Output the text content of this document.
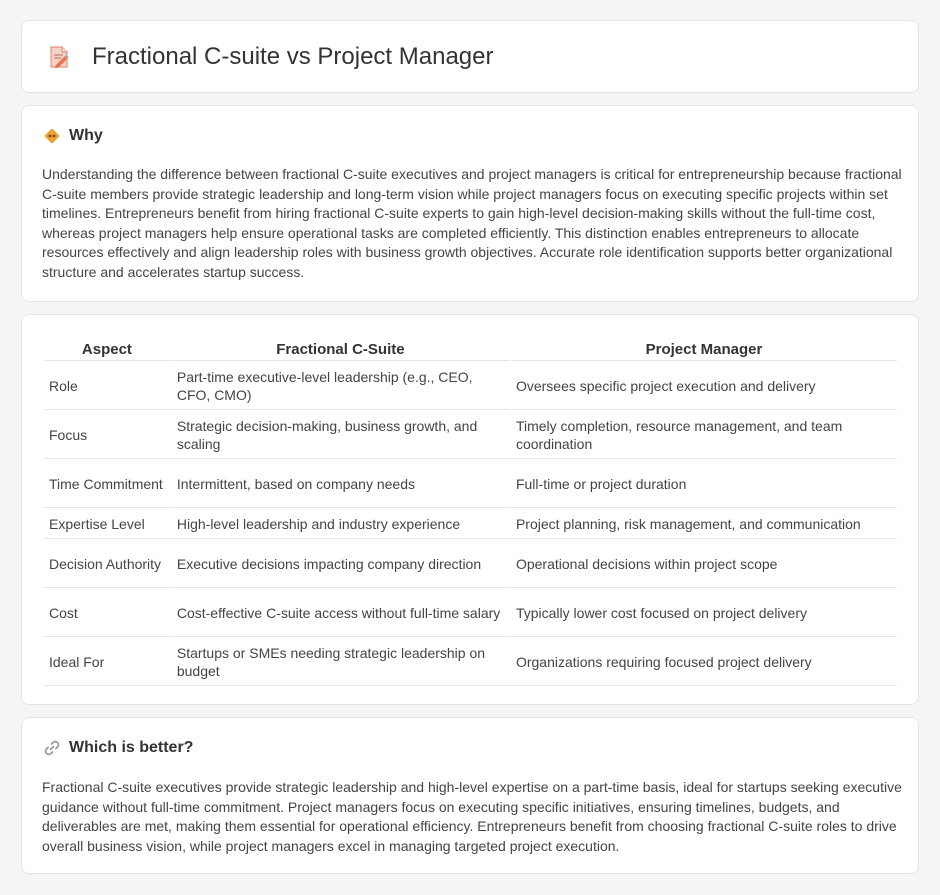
Fractional C-suite vs Project Manager
Why

Understanding the difference between fractional C-suite executives and project managers is critical for entrepreneurship because fractional C-suite members provide strategic leadership and long-term vision while project managers focus on executing specific projects within set timelines. Entrepreneurs benefit from hiring fractional C-suite experts to gain high-level decision-making skills without the full-time cost, whereas project managers help ensure operational tasks are completed efficiently. This distinction enables entrepreneurs to allocate resources effectively and align leadership roles with business growth objectives. Accurate role identification supports better organizational structure and accelerates startup success.

Aspect	Fractional C-Suite	Project Manager
Role	Part-time executive-level leadership (e.g., CEO, CFO, CMO)	Oversees specific project execution and delivery
Focus	Strategic decision-making, business growth, and scaling	Timely completion, resource management, and team coordination
Time Commitment	Intermittent, based on company needs	Full-time or project duration
Expertise Level	High-level leadership and industry experience	Project planning, risk management, and communication
Decision Authority	Executive decisions impacting company direction	Operational decisions within project scope
Cost	Cost-effective C-suite access without full-time salary	Typically lower cost focused on project delivery
Ideal For	Startups or SMEs needing strategic leadership on budget	Organizations requiring focused project delivery
Which is better?

Fractional C-suite executives provide strategic leadership and high-level expertise on a part-time basis, ideal for startups seeking executive guidance without full-time commitment. Project managers focus on executing specific initiatives, ensuring timelines, budgets, and deliverables are met, making them essential for operational efficiency. Entrepreneurs benefit from choosing fractional C-suite roles to drive overall business vision, while project managers excel in managing targeted project execution.
